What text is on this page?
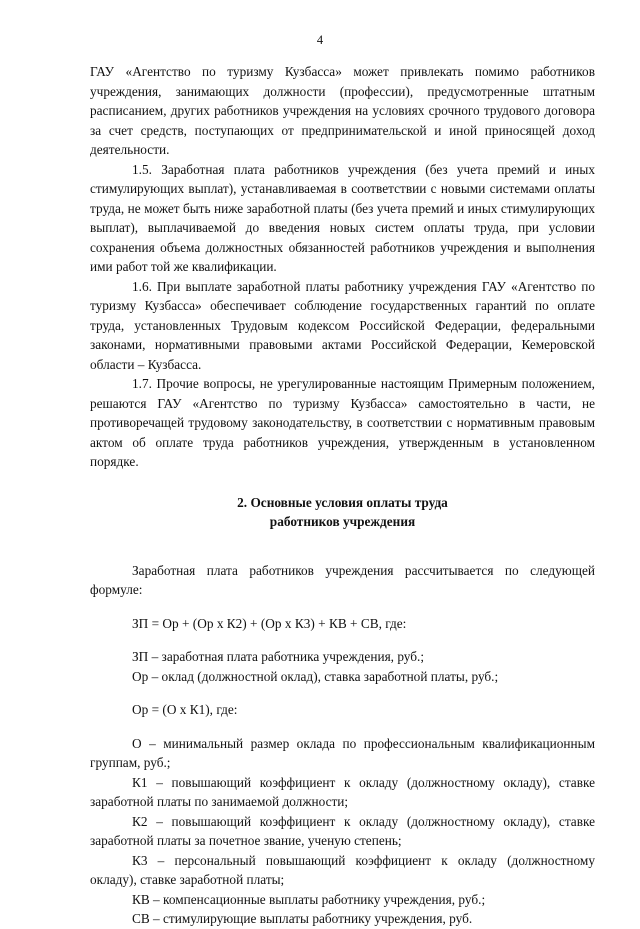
4

ГАУ «Агентство по туризму Кузбасса» может привлекать помимо работников учреждения, занимающих должности (профессии), предусмотренные штатным расписанием, других работников учреждения на условиях срочного трудового договора за счет средств, поступающих от предпринимательской и иной приносящей доход деятельности.

1.5. Заработная плата работников учреждения (без учета премий и иных стимулирующих выплат), устанавливаемая в соответствии с новыми системами оплаты труда, не может быть ниже заработной платы (без учета премий и иных стимулирующих выплат), выплачиваемой до введения новых систем оплаты труда, при условии сохранения объема должностных обязанностей работников учреждения и выполнения ими работ той же квалификации.

1.6. При выплате заработной платы работнику учреждения ГАУ «Агентство по туризму Кузбасса» обеспечивает соблюдение государственных гарантий по оплате труда, установленных Трудовым кодексом Российской Федерации, федеральными законами, нормативными правовыми актами Российской Федерации, Кемеровской области – Кузбасса.

1.7. Прочие вопросы, не урегулированные настоящим Примерным положением, решаются ГАУ «Агентство по туризму Кузбасса» самостоятельно в части, не противоречащей трудовому законодательству, в соответствии с нормативным правовым актом об оплате труда работников учреждения, утвержденным в установленном порядке.

2. Основные условия оплаты труда
работников учреждения

Заработная плата работников учреждения рассчитывается по следующей формуле:

ЗП = Ор + (Ор х К2) + (Ор х К3) + КВ + СВ, где:

ЗП – заработная плата работника учреждения, руб.;

Ор – оклад (должностной оклад), ставка заработной платы, руб.;

Ор = (О х К1), где:

О – минимальный размер оклада по профессиональным квалификационным группам, руб.;

К1 – повышающий коэффициент к окладу (должностному окладу), ставке заработной платы по занимаемой должности;

К2 – повышающий коэффициент к окладу (должностному окладу), ставке заработной платы за почетное звание, ученую степень;

К3 – персональный повышающий коэффициент к окладу (должностному окладу), ставке заработной платы;

КВ – компенсационные выплаты работнику учреждения, руб.;

СВ – стимулирующие выплаты работнику учреждения, руб.
